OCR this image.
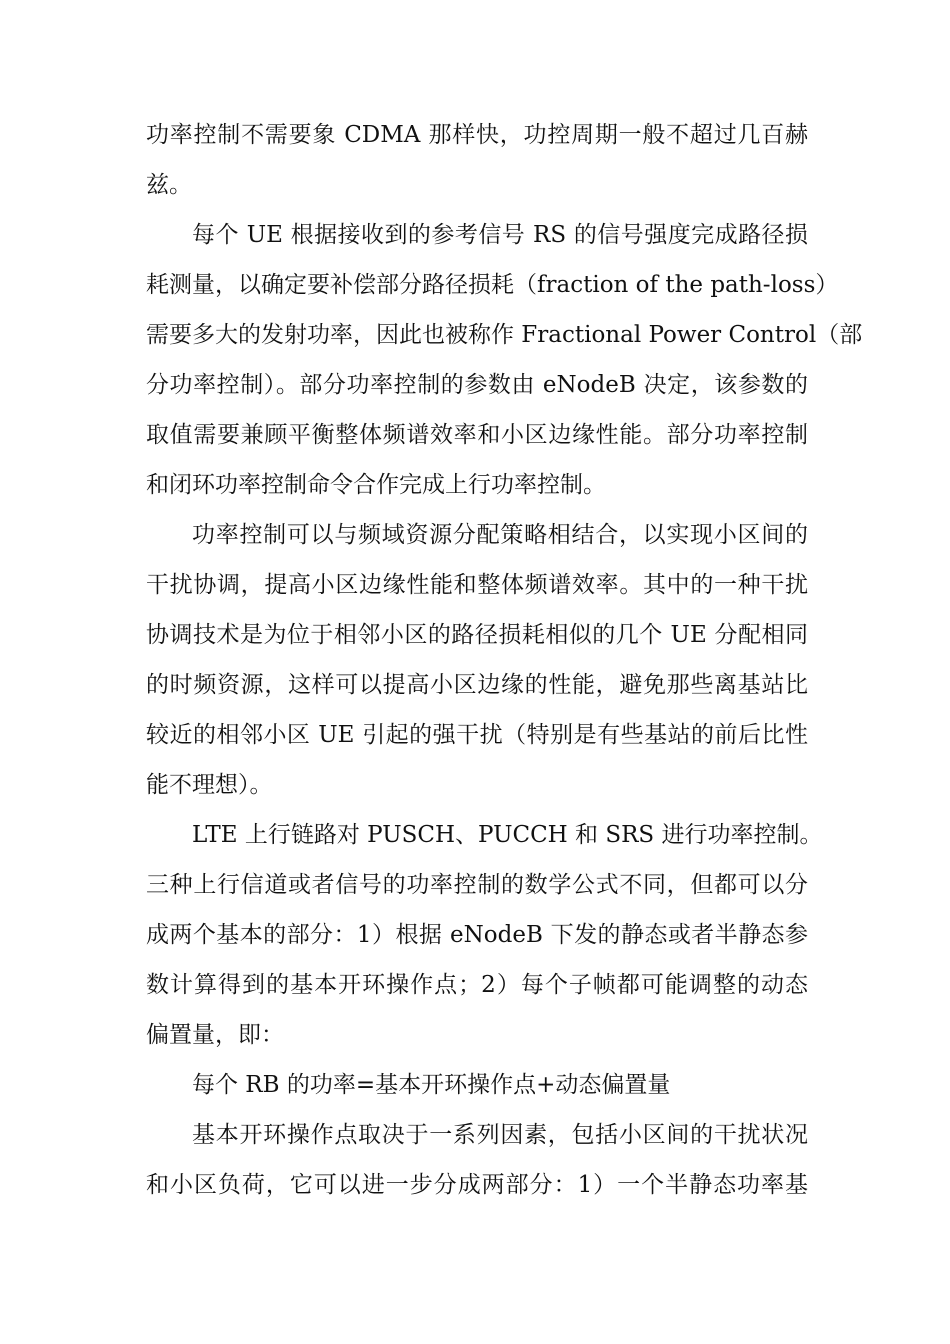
功率控制不需要象 CDMA 那样快，功控周期一般不超过几百赫
兹。
每个 UE 根据接收到的参考信号 RS 的信号强度完成路径损
耗测量，以确定要补偿部分路径损耗（fraction of the path-loss）
需要多大的发射功率，因此也被称作 Fractional Power Control（部
分功率控制）。部分功率控制的参数由 eNodeB 决定，该参数的
取值需要兼顾平衡整体频谱效率和小区边缘性能。部分功率控制
和闭环功率控制命令合作完成上行功率控制。
功率控制可以与频域资源分配策略相结合，以实现小区间的
干扰协调，提高小区边缘性能和整体频谱效率。其中的一种干扰
协调技术是为位于相邻小区的路径损耗相似的几个 UE 分配相同
的时频资源，这样可以提高小区边缘的性能，避免那些离基站比
较近的相邻小区 UE 引起的强干扰（特别是有些基站的前后比性
能不理想）。
LTE 上行链路对 PUSCH、PUCCH 和 SRS 进行功率控制。
三种上行信道或者信号的功率控制的数学公式不同，但都可以分
成两个基本的部分：1）根据 eNodeB 下发的静态或者半静态参
数计算得到的基本开环操作点；2）每个子帧都可能调整的动态
偏置量，即：
每个 RB 的功率=基本开环操作点+动态偏置量
基本开环操作点取决于一系列因素，包括小区间的干扰状况
和小区负荷，它可以进一步分成两部分：1）一个半静态功率基
